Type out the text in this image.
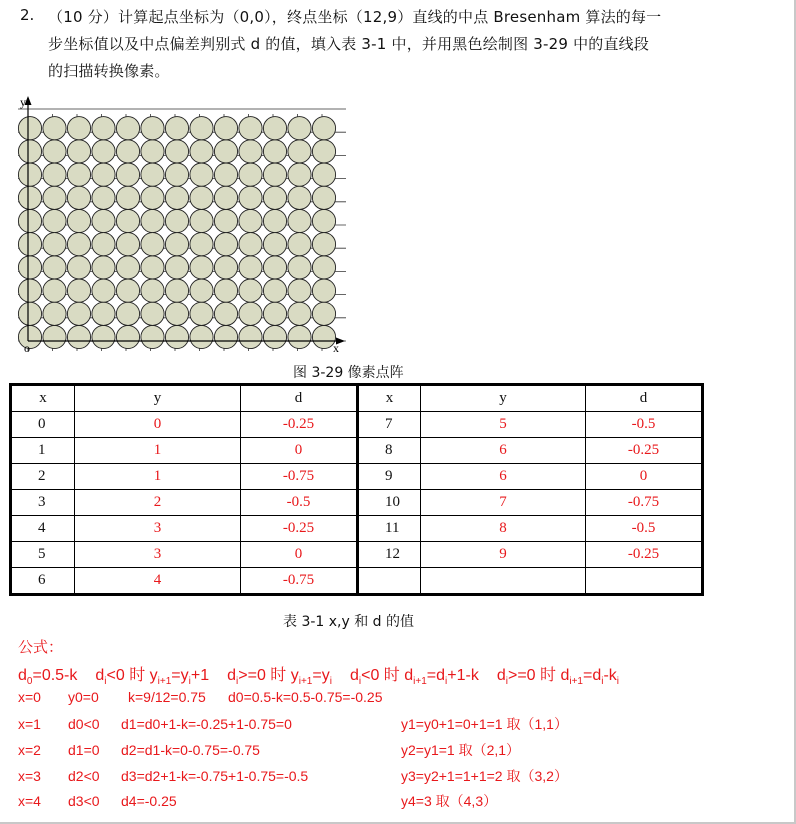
2. （10 分）计算起点坐标为（0,0），终点坐标（12,9）直线的中点 Bresenham 算法的每一
步坐标值以及中点偏差判别式 d 的值，填入表 3-1 中，并用黑色绘制图 3-29 中的直线段
的扫描转换像素。
y
x
o
图 3-29 像素点阵
x	y	d	x	y	d
0	0	-0.25	7	5	-0.5
1	1	0	8	6	-0.25
2	1	-0.75	9	6	0
3	2	-0.5	10	7	-0.75
4	3	-0.25	11	8	-0.5
5	3	0	12	9	-0.25
6	4	-0.75			
表 3-1 x,y 和 d 的值
公式：
$d_0=0.5-k$ $d_i<0$ 时 $y_{i+1}=y_i+1$ $d_i>=0$ 时 $y_{i+1}=y_i$ $d_i<0$ 时 $d_{i+1}=d_i+1-k$ $d_i>=0$ 时 $d_{i+1}=d_i-k_i$
x=0 y0=0 k=9/12=0.75 d0=0.5-k=0.5-0.75=-0.25
x=1 d0<0 d1=d0+1-k=-0.25+1-0.75=0	y1=y0+1=0+1=1 取（1,1）
x=2 d1=0 d2=d1-k=0-0.75=-0.75	y2=y1=1 取（2,1）
x=3 d2<0 d3=d2+1-k=-0.75+1-0.75=-0.5	y3=y2+1=1+1=2 取（3,2）
x=4 d3<0 d4=-0.25	y4=3 取（4,3）
